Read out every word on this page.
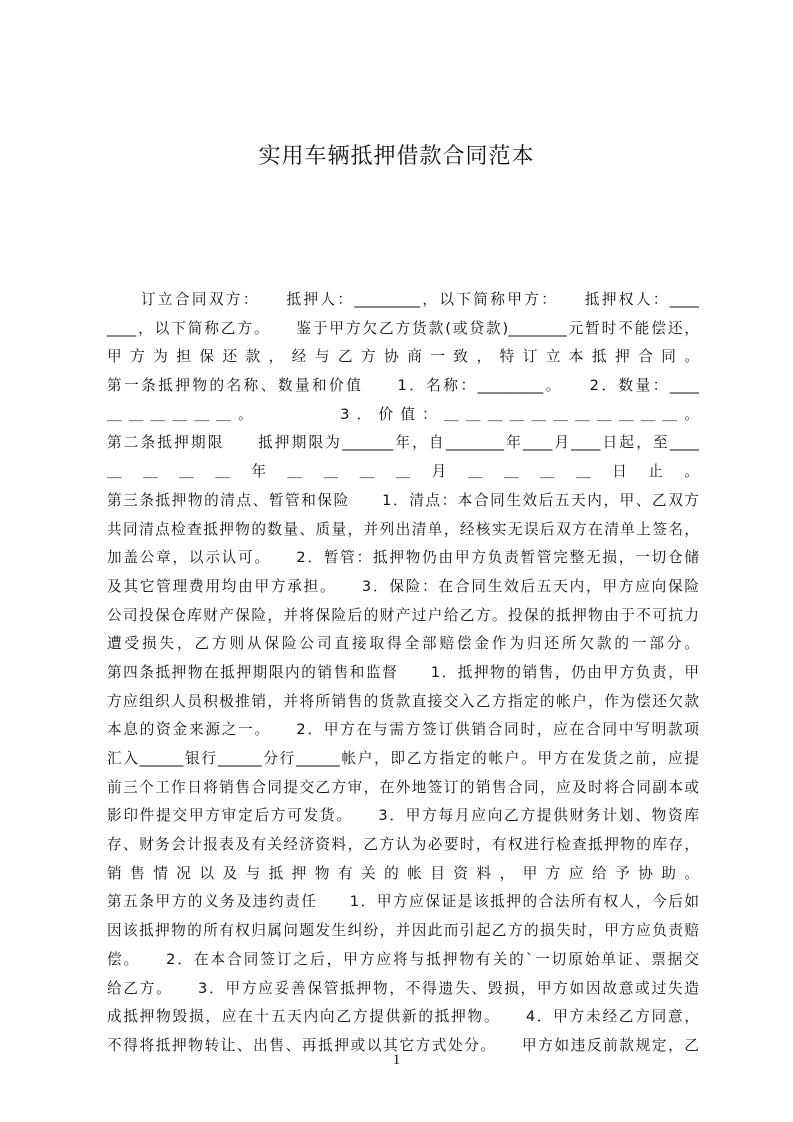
实用车辆抵押借款合同范本
　　订立合同双方：　　抵押人：_________，以下简称甲方：　　抵押权人：____
____，以下简称乙方。　　鉴于甲方欠乙方货款(或贷款)________元暂时不能偿还，
甲方为担保还款，经与乙方协商一致，特订立本抵押合同。
第一条抵押物的名称、数量和价值　　1．名称：_________。　　2．数量：____
＿＿＿＿＿＿。　　　　3．价值：＿＿＿＿＿＿＿＿＿＿＿。
第二条抵押期限　　抵押期限为_______年，自________年____月____日起，至____
＿＿＿＿年＿＿＿＿月＿＿＿＿日止。
第三条抵押物的清点、暂管和保险　　1．清点：本合同生效后五天内，甲、乙双方
共同清点检查抵押物的数量、质量，并列出清单，经核实无误后双方在清单上签名，
加盖公章，以示认可。　　2．暂管：抵押物仍由甲方负责暂管完整无损，一切仓储
及其它管理费用均由甲方承担。　　3．保险：在合同生效后五天内，甲方应向保险
公司投保仓库财产保险，并将保险后的财产过户给乙方。投保的抵押物由于不可抗力
遭受损失，乙方则从保险公司直接取得全部赔偿金作为归还所欠款的一部分。
第四条抵押物在抵押期限内的销售和监督　　1．抵押物的销售，仍由甲方负责，甲
方应组织人员积极推销，并将所销售的货款直接交入乙方指定的帐户，作为偿还欠款
本息的资金来源之一。　　2．甲方在与需方签订供销合同时，应在合同中写明款项
汇入______银行______分行______帐户，即乙方指定的帐户。甲方在发货之前，应提
前三个工作日将销售合同提交乙方审，在外地签订的销售合同，应及时将合同副本或
影印件提交甲方审定后方可发货。　　3．甲方每月应向乙方提供财务计划、物资库
存、财务会计报表及有关经济资料，乙方认为必要时，有权进行检查抵押物的库存，
销售情况以及与抵押物有关的帐目资料，甲方应给予协助。
第五条甲方的义务及违约责任　　1．甲方应保证是该抵押的合法所有权人，今后如
因该抵押物的所有权归属问题发生纠纷，并因此而引起乙方的损失时，甲方应负责赔
偿。　　2．在本合同签订之后，甲方应将与抵押物有关的`一切原始单证、票据交
给乙方。　　3．甲方应妥善保管抵押物，不得遗失、毁损，甲方如因故意或过失造
成抵押物毁损，应在十五天内向乙方提供新的抵押物。　　4．甲方未经乙方同意，
不得将抵押物转让、出售、再抵押或以其它方式处分。　　甲方如违反前款规定，乙
1
